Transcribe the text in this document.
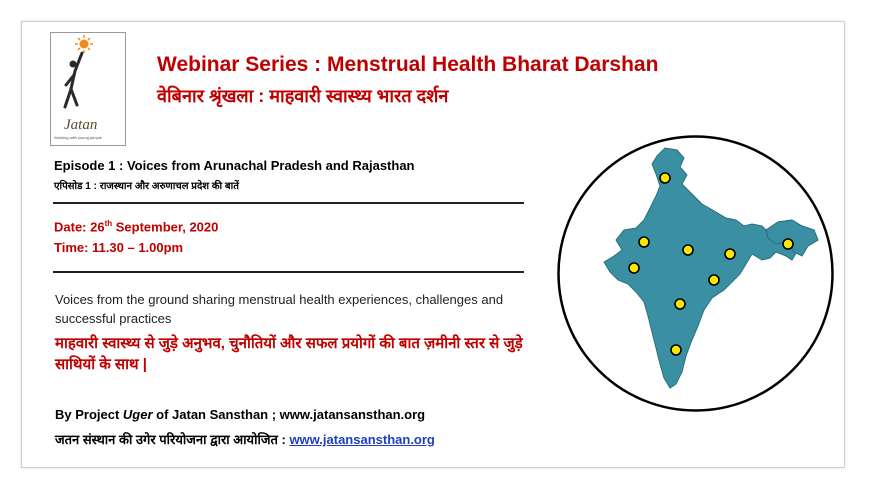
Jatan
Working with young people
Webinar Series : Menstrual Health Bharat Darshan
वेबिनार श्रृंखला : माहवारी स्वास्थ्य भारत दर्शन
Episode 1 : Voices from Arunachal Pradesh and Rajasthan
एपिसोड 1 : राजस्थान और अरुणाचल प्रदेश की बातें
Date: 26th September, 2020
Time: 11.30 – 1.00pm
Voices from the ground sharing menstrual health experiences, challenges and successful practices
माहवारी स्वास्थ्य से जुड़े अनुभव, चुनौतियों और सफल प्रयोगों की बात ज़मीनी स्तर से जुड़े साथियों के साथ |
By Project Uger of Jatan Sansthan ; www.jatansansthan.org
जतन संस्थान की उगेर परियोजना द्वारा आयोजित : www.jatansansthan.org
